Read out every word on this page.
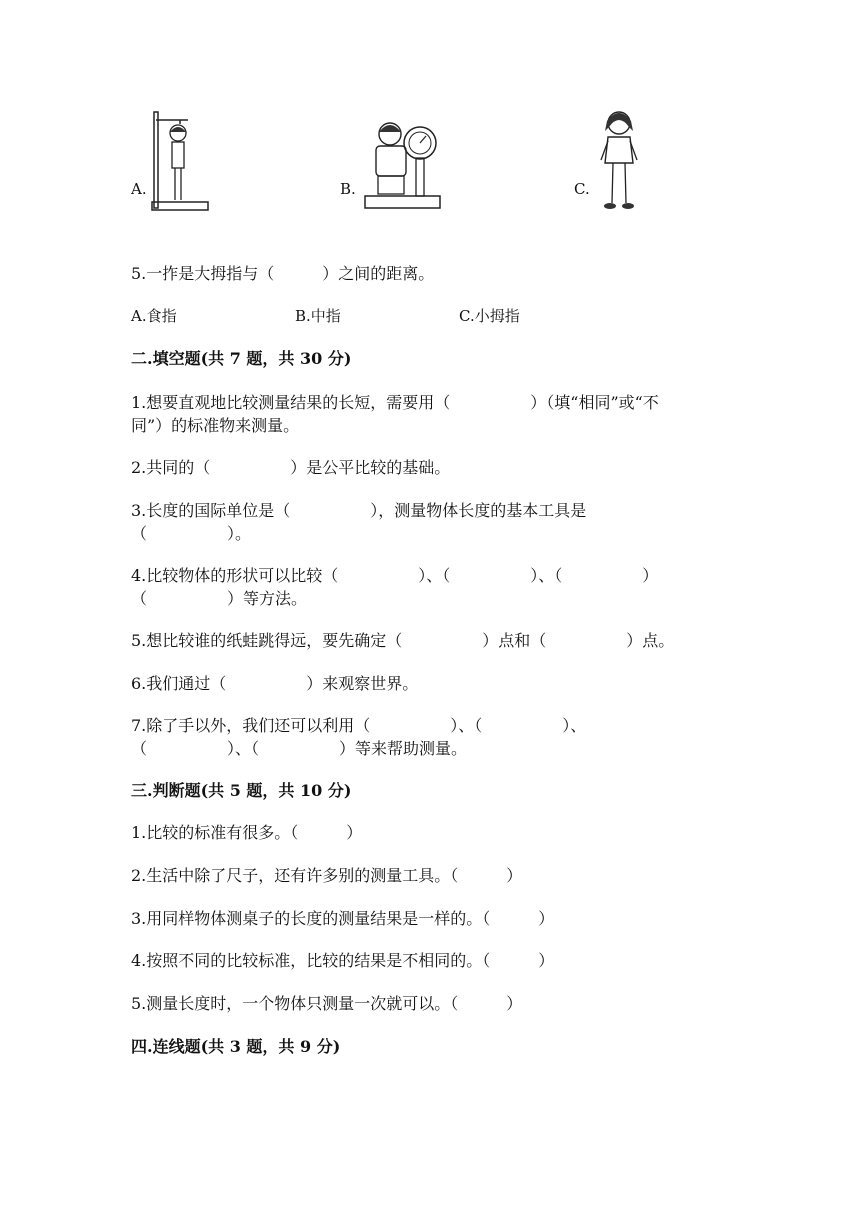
A.	B.	C.
5.一拃是大拇指与（　　　）之间的距离。
A.食指	B.中指	C.小拇指
二.填空题(共 7 题，共 30 分)
1.想要直观地比较测量结果的长短，需要用（　　　　　）（填“相同”或“不
同”）的标准物来测量。
2.共同的（　　　　　）是公平比较的基础。
3.长度的国际单位是（　　　　　），测量物体长度的基本工具是
（　　　　　）。
4.比较物体的形状可以比较（　　　　　）、（　　　　　）、（　　　　　）
（　　　　　）等方法。
5.想比较谁的纸蛙跳得远，要先确定（　　　　　）点和（　　　　　）点。
6.我们通过（　　　　　）来观察世界。
7.除了手以外，我们还可以利用（　　　　　）、（　　　　　）、
（　　　　　）、（　　　　　）等来帮助测量。
三.判断题(共 5 题，共 10 分)
1.比较的标准有很多。（　　　）
2.生活中除了尺子，还有许多别的测量工具。（　　　）
3.用同样物体测桌子的长度的测量结果是一样的。（　　　）
4.按照不同的比较标准，比较的结果是不相同的。（　　　）
5.测量长度时，一个物体只测量一次就可以。（　　　）
四.连线题(共 3 题，共 9 分)
